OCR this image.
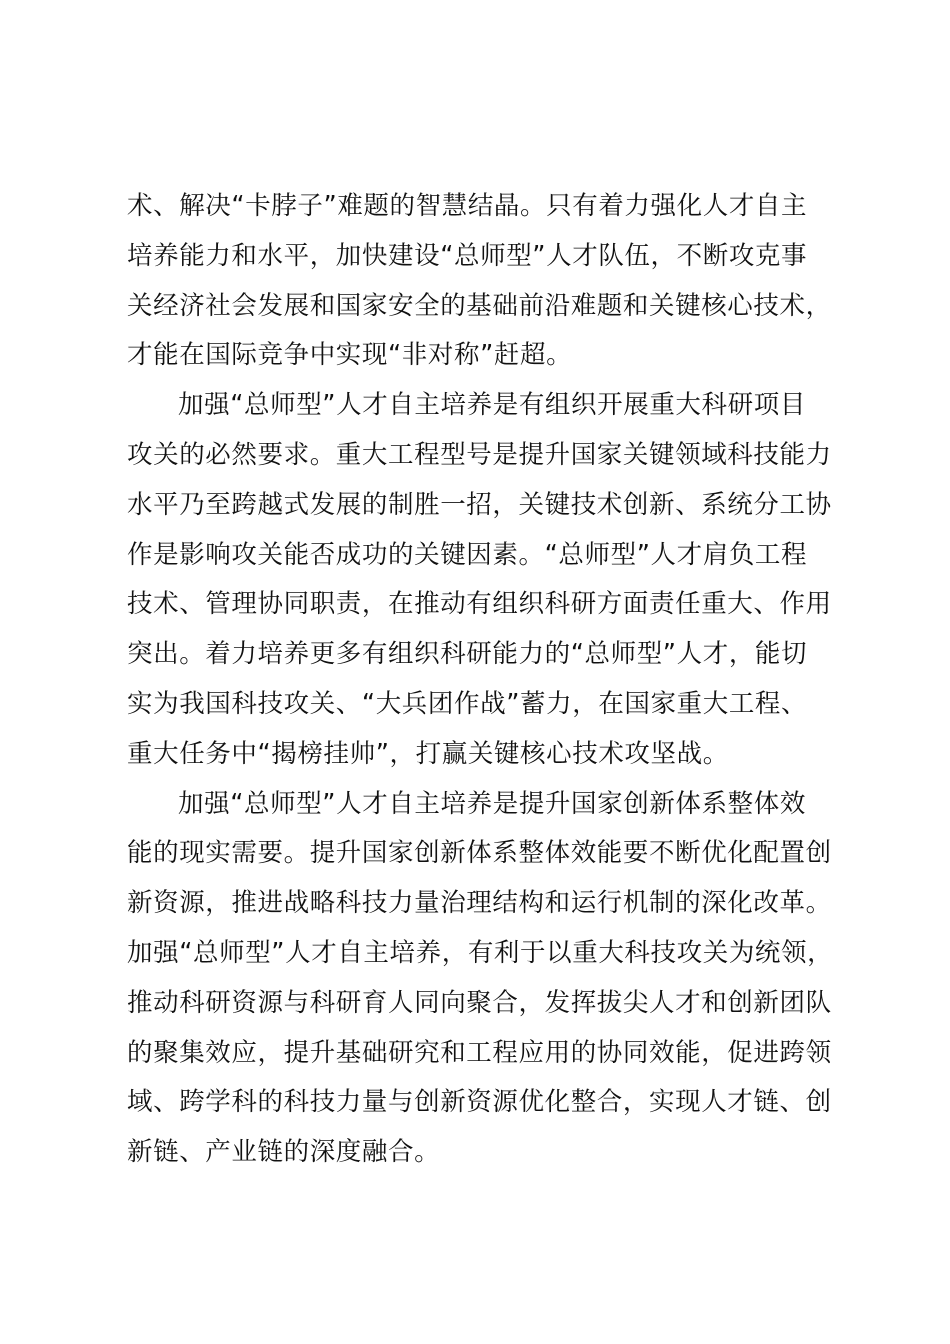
术、解决“卡脖子”难题的智慧结晶。只有着力强化人才自主
培养能力和水平，加快建设“总师型”人才队伍，不断攻克事
关经济社会发展和国家安全的基础前沿难题和关键核心技术，
才能在国际竞争中实现“非对称”赶超。
加强“总师型”人才自主培养是有组织开展重大科研项目
攻关的必然要求。重大工程型号是提升国家关键领域科技能力
水平乃至跨越式发展的制胜一招，关键技术创新、系统分工协
作是影响攻关能否成功的关键因素。“总师型”人才肩负工程
技术、管理协同职责，在推动有组织科研方面责任重大、作用
突出。着力培养更多有组织科研能力的“总师型”人才，能切
实为我国科技攻关、“大兵团作战”蓄力，在国家重大工程、
重大任务中“揭榜挂帅”，打赢关键核心技术攻坚战。
加强“总师型”人才自主培养是提升国家创新体系整体效
能的现实需要。提升国家创新体系整体效能要不断优化配置创
新资源，推进战略科技力量治理结构和运行机制的深化改革。
加强“总师型”人才自主培养，有利于以重大科技攻关为统领，
推动科研资源与科研育人同向聚合，发挥拔尖人才和创新团队
的聚集效应，提升基础研究和工程应用的协同效能，促进跨领
域、跨学科的科技力量与创新资源优化整合，实现人才链、创
新链、产业链的深度融合。
